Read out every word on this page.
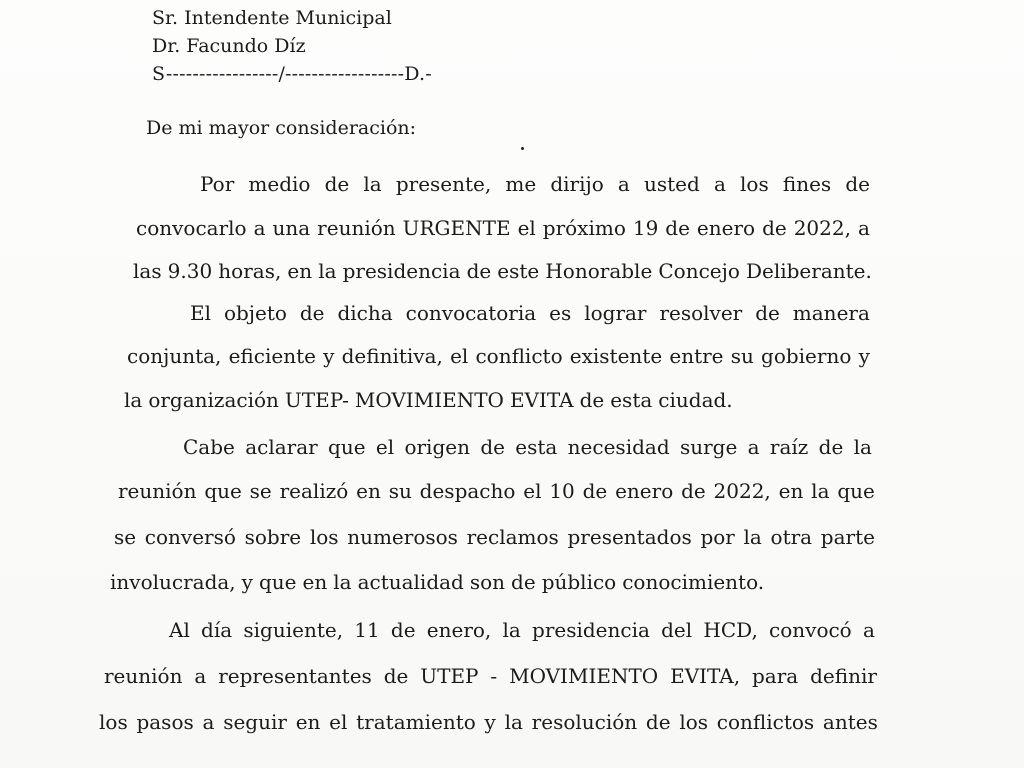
Sr. Intendente Municipal
Dr. Facundo Díz
S-----------------/------------------D.-
De mi mayor consideración:
Por medio de la presente, me dirijo a usted a los fines de
convocarlo a una reunión URGENTE el próximo 19 de enero de 2022, a
las 9.30 horas, en la presidencia de este Honorable Concejo Deliberante.
El objeto de dicha convocatoria es lograr resolver de manera
conjunta, eficiente y definitiva, el conflicto existente entre su gobierno y
la organización UTEP- MOVIMIENTO EVITA de esta ciudad.
Cabe aclarar que el origen de esta necesidad surge a raíz de la
reunión que se realizó en su despacho el 10 de enero de 2022, en la que
se conversó sobre los numerosos reclamos presentados por la otra parte
involucrada, y que en la actualidad son de público conocimiento.
Al día siguiente, 11 de enero, la presidencia del HCD, convocó a
reunión a representantes de UTEP - MOVIMIENTO EVITA, para definir
los pasos a seguir en el tratamiento y la resolución de los conflictos antes
